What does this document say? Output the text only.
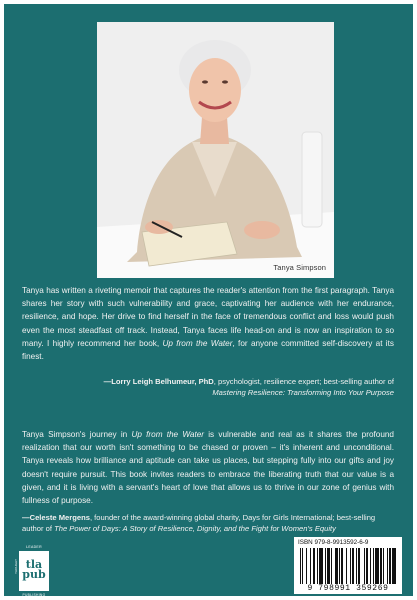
Tanya Simpson
Tanya has written a riveting memoir that captures the reader's attention from the first paragraph. Tanya shares her story with such vulnerability and grace, captivating her audience with her endurance, resilience, and hope. Her drive to find herself in the face of tremendous conflict and loss would push even the most steadfast off track. Instead, Tanya faces life head-on and is now an inspiration to so many. I highly recommend her book, Up from the Water, for anyone committed self-discovery at its finest.
—Lorry Leigh Belhumeur, PhD, psychologist, resilience expert; best-selling author of Mastering Resilience: Transforming Into Your Purpose
Tanya Simpson's journey in Up from the Water is vulnerable and real as it shares the profound realization that our worth isn't something to be chased or proven – it's inherent and unconditional. Tanya reveals how brilliance and aptitude can take us places, but stepping fully into our gifts and joy doesn't require pursuit. This book invites readers to embrace the liberating truth that our value is a given, and it is living with a servant's heart of love that allows us to thrive in our zone of genius with fullness of purpose.
—Celeste Mergens, founder of the award-winning global charity, Days for Girls International; best-selling author of The Power of Days: A Story of Resilience, Dignity, and the Fight for Women's Equity
LEADER
THOUGHT tla
pub
PUBLISHING
ISBN 979-8-9913592-6-9
9 798991 359269
